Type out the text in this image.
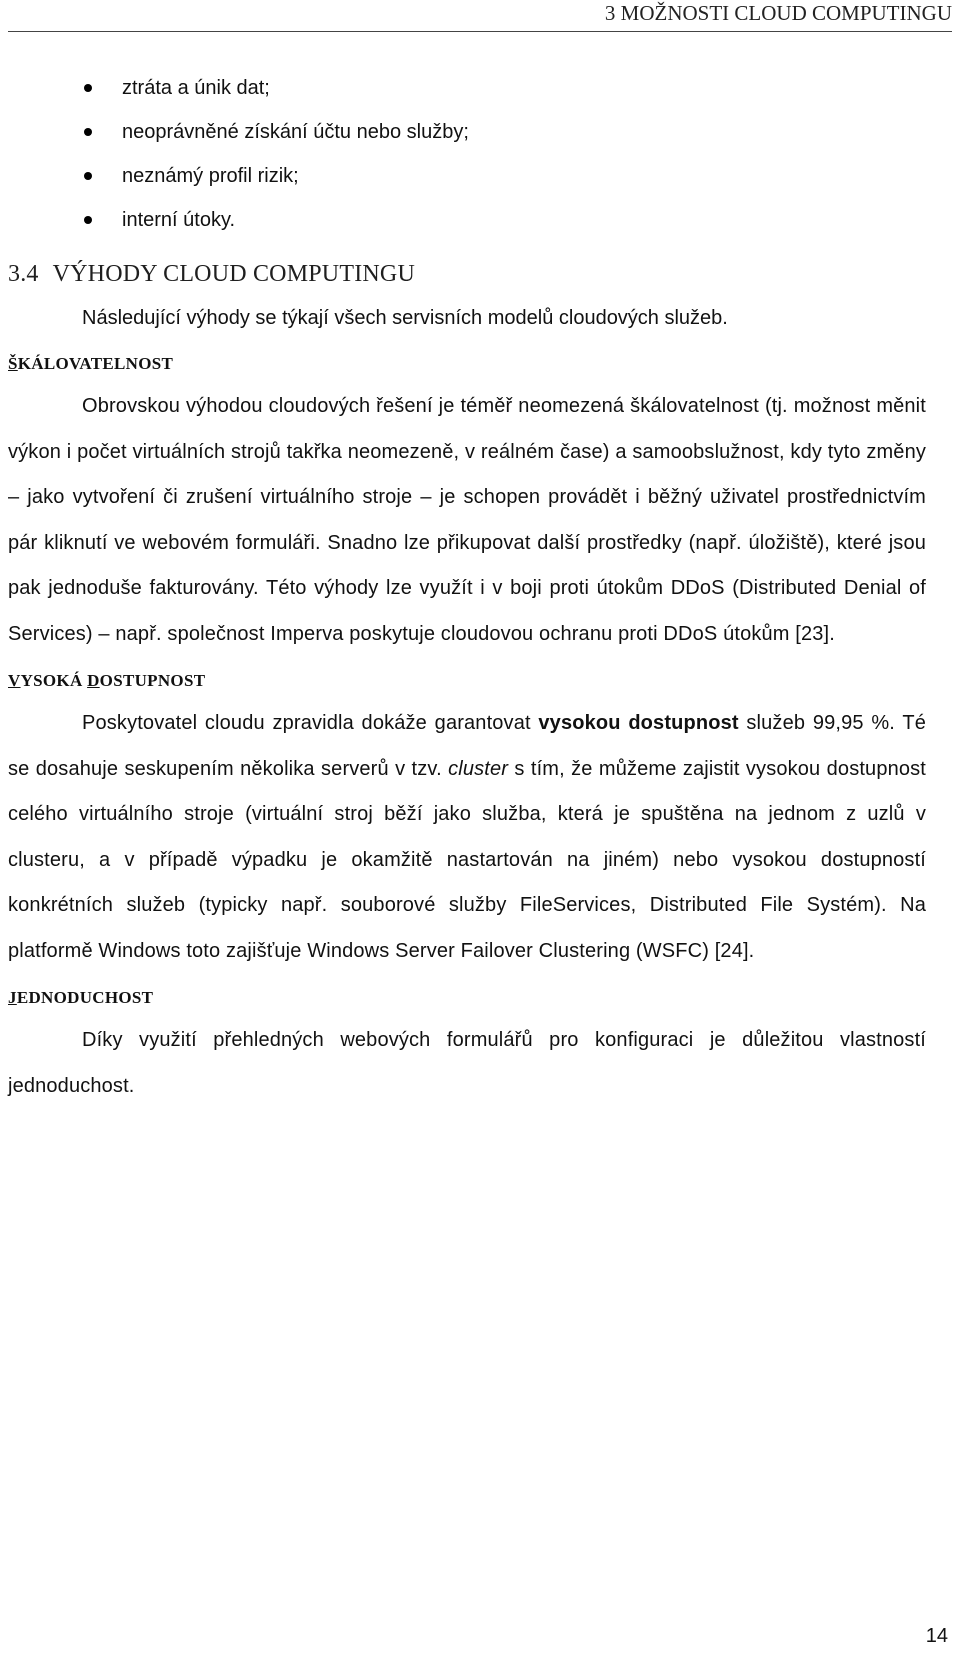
3 MOŽNOSTI CLOUD COMPUTINGU
ztráta a únik dat;
neoprávněné získání účtu nebo služby;
neznámý profil rizik;
interní útoky.
3.4 VÝHODY CLOUD COMPUTINGU

Následující výhody se týkají všech servisních modelů cloudových služeb.

ŠKÁLOVATELNOST

Obrovskou výhodou cloudových řešení je téměř neomezená škálovatelnost (tj. možnost měnit výkon i počet virtuálních strojů takřka neomezeně, v reálném čase) a samoobslužnost, kdy tyto změny – jako vytvoření či zrušení virtuálního stroje – je schopen provádět i běžný uživatel prostřednictvím pár kliknutí ve webovém formuláři. Snadno lze přikupovat další prostředky (např. úložiště), které jsou pak jednoduše fakturovány. Této výhody lze využít i v boji proti útokům DDoS (Distributed Denial of Services) – např. společnost Imperva poskytuje cloudovou ochranu proti DDoS útokům [23].

VYSOKÁ DOSTUPNOST

Poskytovatel cloudu zpravidla dokáže garantovat vysokou dostupnost služeb 99,95 %. Té se dosahuje seskupením několika serverů v tzv. cluster s tím, že můžeme zajistit vysokou dostupnost celého virtuálního stroje (virtuální stroj běží jako služba, která je spuštěna na jednom z uzlů v clusteru, a v případě výpadku je okamžitě nastartován na jiném) nebo vysokou dostupností konkrétních služeb (typicky např. souborové služby FileServices, Distributed File Systém). Na platformě Windows toto zajišťuje Windows Server Failover Clustering (WSFC) [24].

JEDNODUCHOST

Díky využití přehledných webových formulářů pro konfiguraci je důležitou vlastností jednoduchost.

14
